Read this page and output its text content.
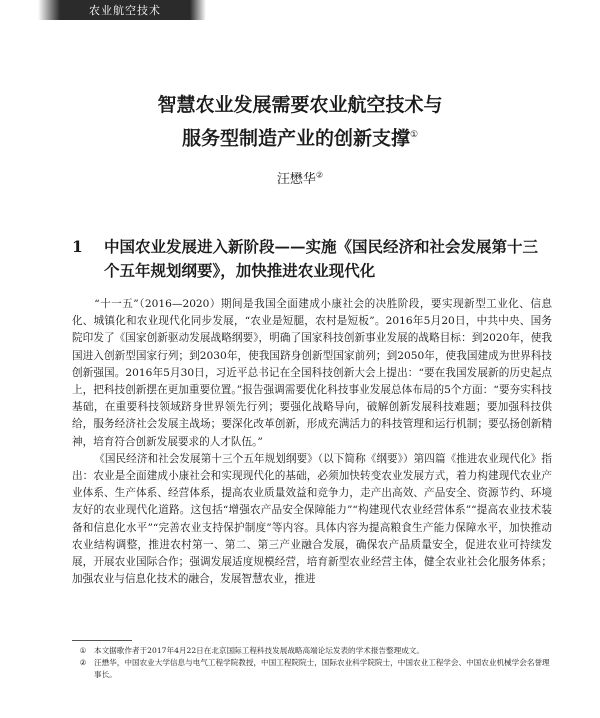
农业航空技术
智慧农业发展需要农业航空技术与
服务型制造产业的创新支撑①
汪懋华②
1 中国农业发展进入新阶段——实施《国民经济和社会发展第十三个五年规划纲要》，加快推进农业现代化

“十一五”（2016—2020）期间是我国全面建成小康社会的决胜阶段，要实现新型工业化、信息化、城镇化和农业现代化同步发展，“农业是短腿，农村是短板”。2016年5月20日，中共中央、国务院印发了《国家创新驱动发展战略纲要》，明确了国家科技创新事业发展的战略目标：到2020年，使我国进入创新型国家行列；到2030年，使我国跻身创新型国家前列；到2050年，使我国建成为世界科技创新强国。2016年5月30日，习近平总书记在全国科技创新大会上提出：“要在我国发展新的历史起点上，把科技创新摆在更加重要位置。”报告强调需要优化科技事业发展总体布局的5个方面：“要夯实科技基础，在重要科技领域跻身世界领先行列；要强化战略导向，破解创新发展科技难题；要加强科技供给，服务经济社会发展主战场；要深化改革创新，形成充满活力的科技管理和运行机制；要弘扬创新精神，培育符合创新发展要求的人才队伍。”

《国民经济和社会发展第十三个五年规划纲要》（以下简称《纲要》）第四篇《推进农业现代化》指出：农业是全面建成小康社会和实现现代化的基础，必须加快转变农业发展方式，着力构建现代农业产业体系、生产体系、经营体系，提高农业质量效益和竞争力，走产出高效、产品安全、资源节约、环境友好的农业现代化道路。这包括“增强农产品安全保障能力”“构建现代农业经营体系”“提高农业技术装备和信息化水平”“完善农业支持保护制度”等内容。具体内容为提高粮食生产能力保障水平，加快推动农业结构调整，推进农村第一、第二、第三产业融合发展，确保农产品质量安全，促进农业可持续发展，开展农业国际合作；强调发展适度规模经营，培育新型农业经营主体，健全农业社会化服务体系；加强农业与信息化技术的融合，发展智慧农业，推进

① 本文据歌作者于2017年4月22日在北京国际工程科技发展战略高端论坛发表的学术报告整理成文。
② 汪懋华，中国农业大学信息与电气工程学院教授，中国工程院院士，国际农业科学院院士，中国农业工程学会、中国农业机械学会名誉理事长。
